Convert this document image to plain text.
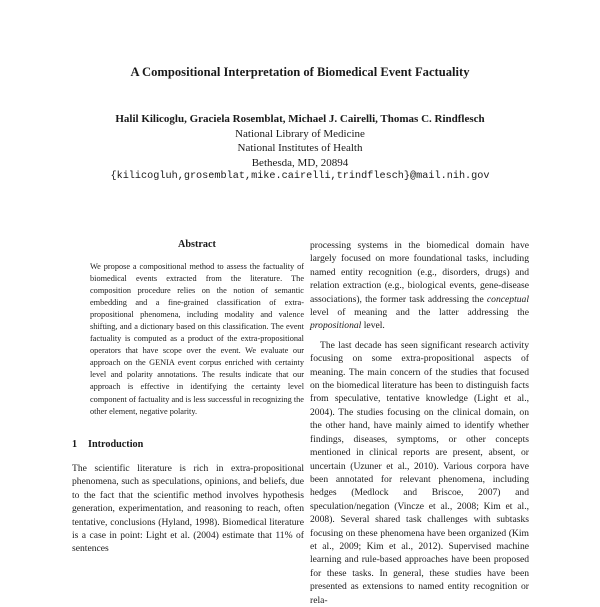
A Compositional Interpretation of Biomedical Event Factuality
Halil Kilicoglu, Graciela Rosemblat, Michael J. Cairelli, Thomas C. Rindflesch
National Library of Medicine
National Institutes of Health
Bethesda, MD, 20894
{kilicogluh,grosemblat,mike.cairelli,trindflesch}@mail.nih.gov
Abstract

We propose a compositional method to assess the factuality of biomedical events extracted from the literature. The composition procedure relies on the notion of semantic embedding and a fine-grained classification of extra-propositional phenomena, including modality and valence shifting, and a dictionary based on this classification. The event factuality is computed as a product of the extra-propositional operators that have scope over the event. We evaluate our approach on the GENIA event corpus enriched with certainty level and polarity annotations. The results indicate that our approach is effective in identifying the certainty level component of factuality and is less successful in recognizing the other element, negative polarity.

1 Introduction

The scientific literature is rich in extra-propositional phenomena, such as speculations, opinions, and beliefs, due to the fact that the scientific method involves hypothesis generation, experimentation, and reasoning to reach, often tentative, conclusions (Hyland, 1998). Biomedical literature is a case in point: Light et al. (2004) estimate that 11% of sentences

processing systems in the biomedical domain have largely focused on more foundational tasks, including named entity recognition (e.g., disorders, drugs) and relation extraction (e.g., biological events, gene-disease associations), the former task addressing the conceptual level of meaning and the latter addressing the propositional level.

The last decade has seen significant research activity focusing on some extra-propositional aspects of meaning. The main concern of the studies that focused on the biomedical literature has been to distinguish facts from speculative, tentative knowledge (Light et al., 2004). The studies focusing on the clinical domain, on the other hand, have mainly aimed to identify whether findings, diseases, symptoms, or other concepts mentioned in clinical reports are present, absent, or uncertain (Uzuner et al., 2010). Various corpora have been annotated for relevant phenomena, including hedges (Medlock and Briscoe, 2007) and speculation/negation (Vincze et al., 2008; Kim et al., 2008). Several shared task challenges with subtasks focusing on these phenomena have been organized (Kim et al., 2009; Kim et al., 2012). Supervised machine learning and rule-based approaches have been proposed for these tasks. In general, these studies have been presented as extensions to named entity recognition or rela-
